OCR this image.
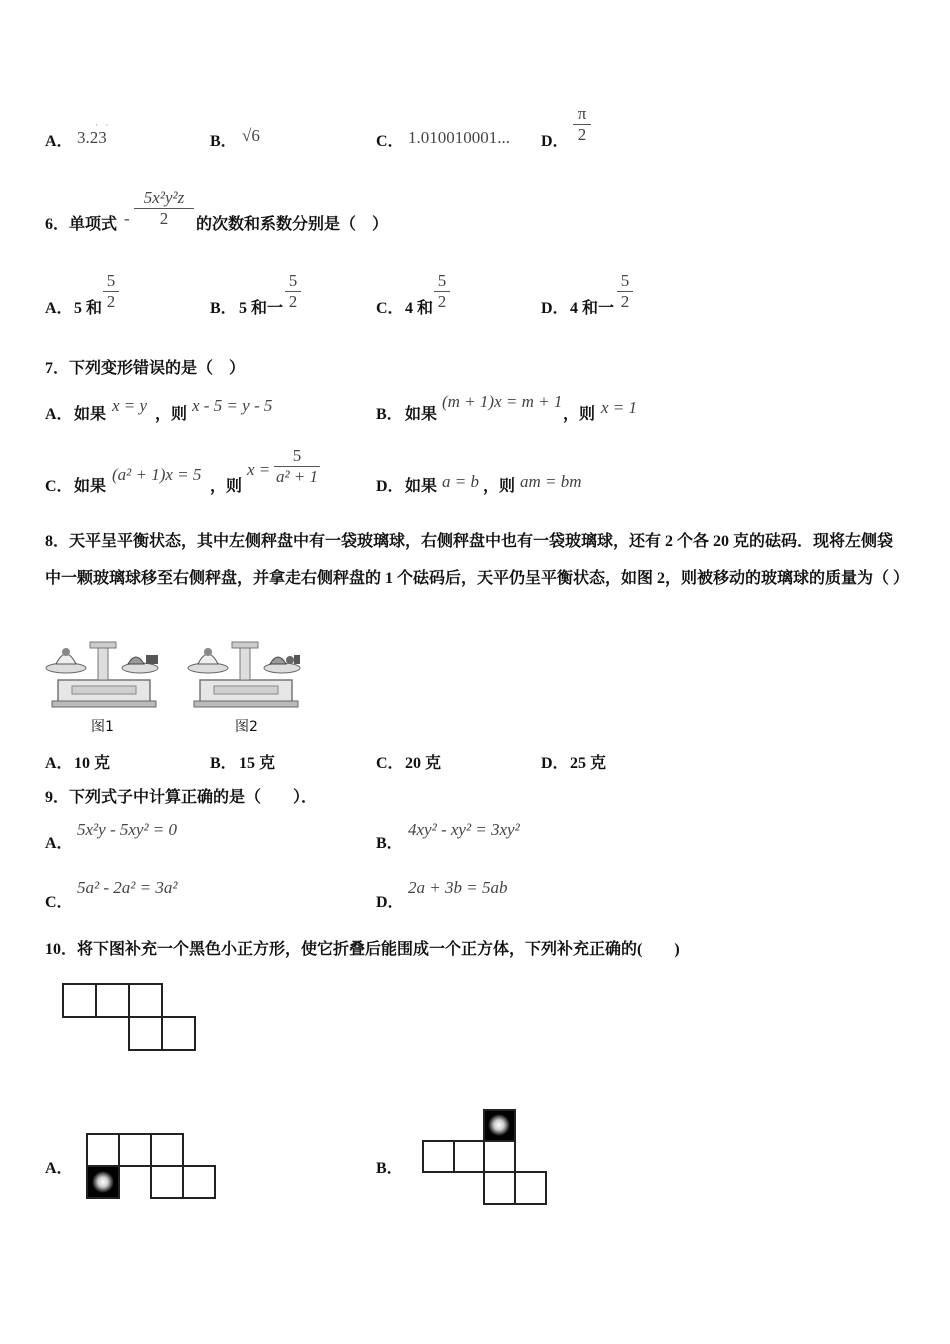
A． 3.23
·　·
B． √6	C． 1.010010001... D． $\frac{\pi}{2}$
6．单项式 - $\frac{\text{5x²y²z}}{2}$ 的次数和系数分别是（　）
A． 5 和 $\frac{5}{2}$	B． 5 和一 $\frac{5}{2}$	C． 4 和 $\frac{5}{2}$	D． 4 和一 $\frac{5}{2}$
7．下列变形错误的是（　）
A． 如果 x = y ，则 x - 5 = y - 5	B． 如果
(m + 1)x = m + 1
，则 x = 1
C． 如果
(a² + 1)x = 5
，则
$x = \frac{5}{\text{a² + 1}}$	D． 如果 a = b ，则 am = bm
8．天平呈平衡状态，其中左侧秤盘中有一袋玻璃球，右侧秤盘中也有一袋玻璃球，还有 2 个各 20 克的砝码．现将左侧袋中一颗玻璃球移至右侧秤盘，并拿走右侧秤盘的 1 个砝码后，天平仍呈平衡状态，如图 2，则被移动的玻璃球的质量为（ ）
图1	图2
A． 10 克	B． 15 克	C． 20 克	D． 25 克
9．下列式子中计算正确的是（　　）．
A．
5x²y - 5xy² = 0
B．
4xy² - xy² = 3xy²
C．
5a² - 2a² = 3a²
D．
2a + 3b = 5ab
10．将下图补充一个黑色小正方形，使它折叠后能围成一个正方体，下列补充正确的(　　)
A．	B．
